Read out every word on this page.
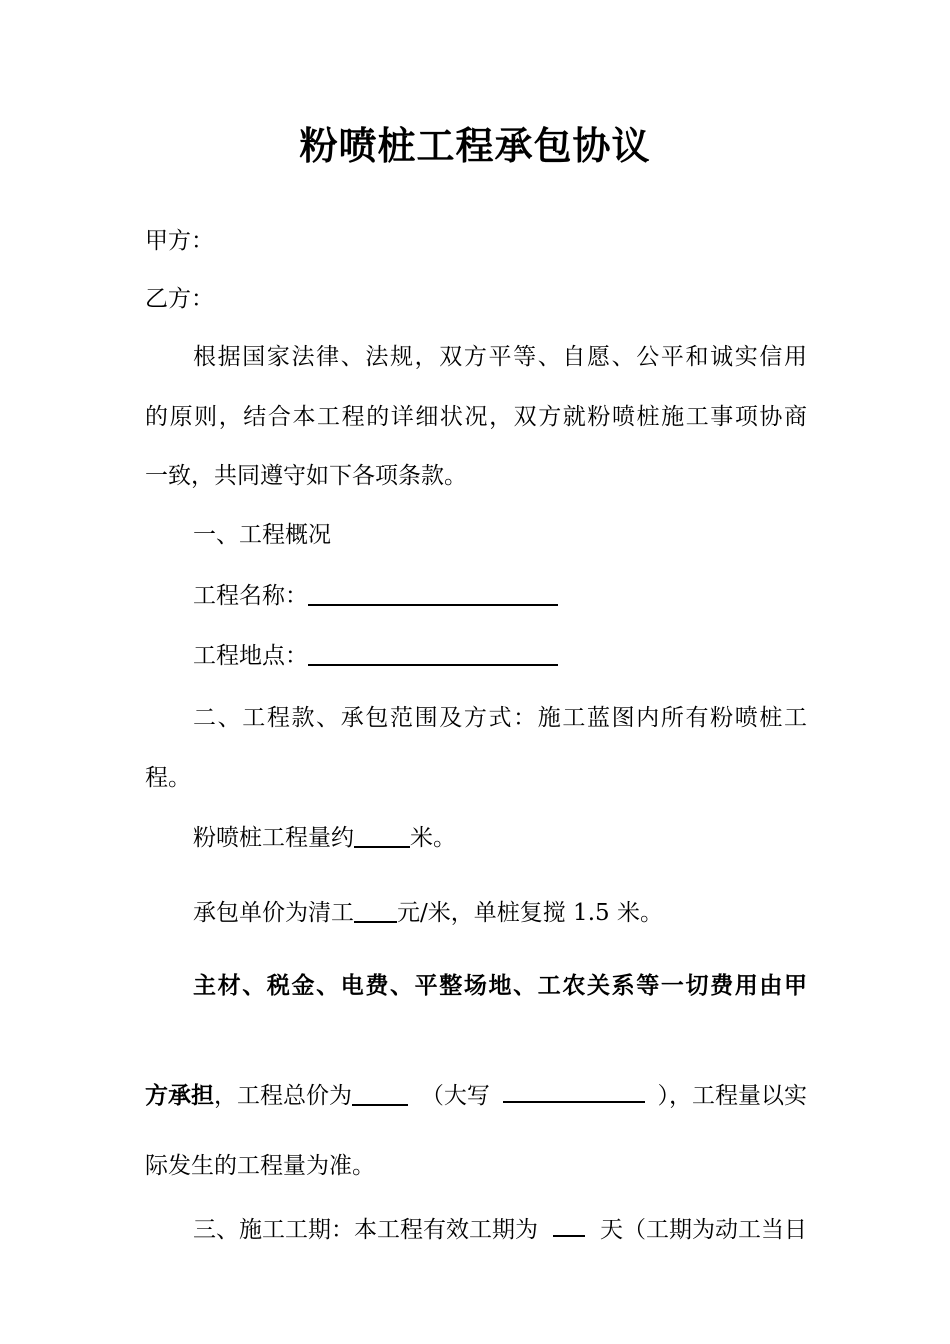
粉喷桩工程承包协议
甲方：
乙方：
根据国家法律、法规，双方平等、自愿、公平和诚实信用
的原则，结合本工程的详细状况，双方就粉喷桩施工事项协商
一致，共同遵守如下各项条款。
一、工程概况
工程名称：
工程地点：
二、工程款、承包范围及方式：施工蓝图内所有粉喷桩工
程。
粉喷桩工程量约 米。
承包单价为清工 元/米，单桩复搅 1.5 米。
主材、税金、电费、平整场地、工农关系等一切费用由甲
方承担，工程总价为	（大写	），工程量以实
际发生的工程量为准。
三、施工工期：本工程有效工期为	天（工期为动工当日
